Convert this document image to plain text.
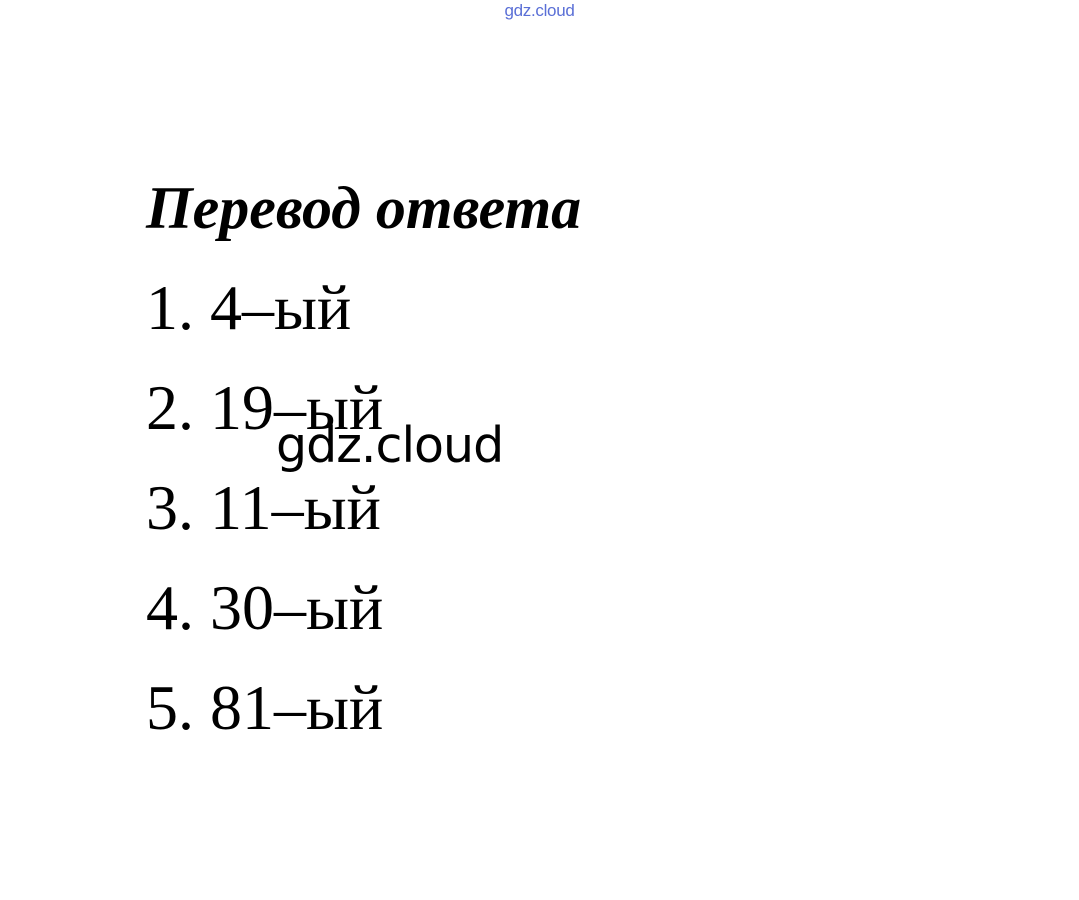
gdz.cloud
Перевод ответа
1. 4–ый
2. 19–ый
3. 11–ый
4. 30–ый
5. 81–ый
gdz.cloud
